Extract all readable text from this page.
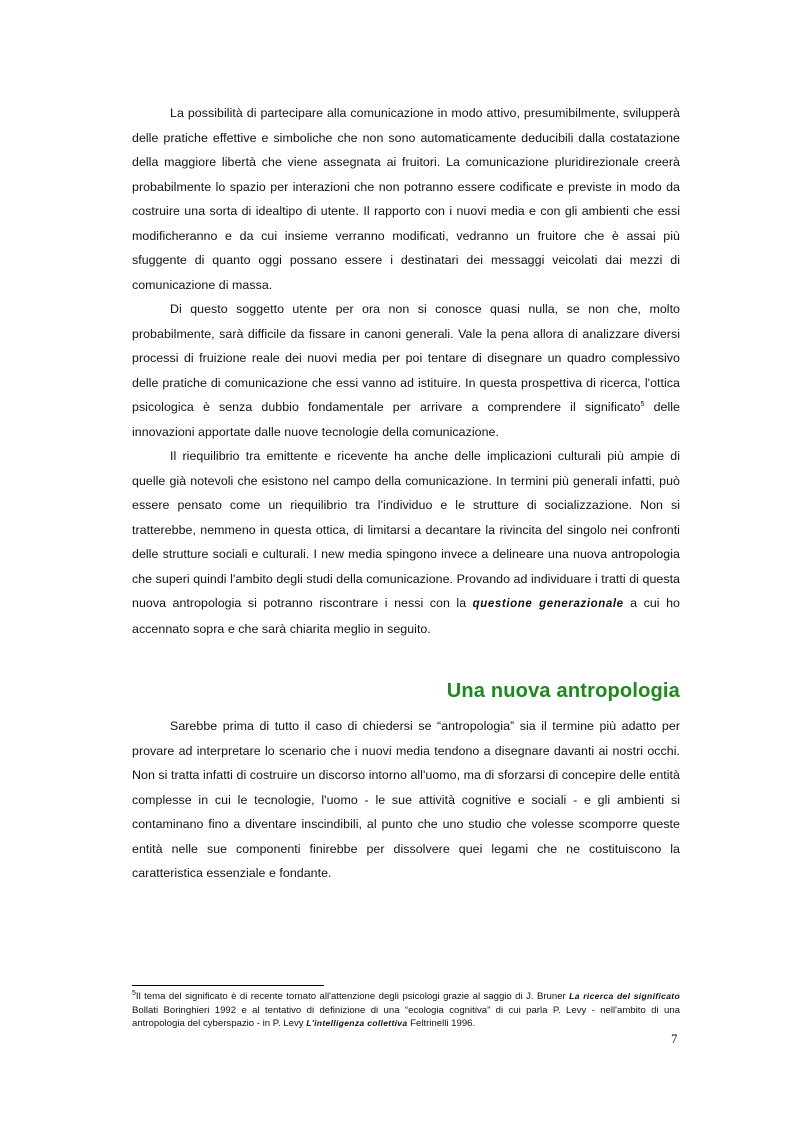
La possibilità di partecipare alla comunicazione in modo attivo, presumibilmente, svilupperà delle pratiche effettive e simboliche che non sono automaticamente deducibili dalla costatazione della maggiore libertà che viene assegnata ai fruitori. La comunicazione pluridirezionale creerà probabilmente lo spazio per interazioni che non potranno essere codificate e previste in modo da costruire una sorta di idealtipo di utente. Il rapporto con i nuovi media e con gli ambienti che essi modificheranno e da cui insieme verranno modificati, vedranno un fruitore che è assai più sfuggente di quanto oggi possano essere i destinatari dei messaggi veicolati dai mezzi di comunicazione di massa.

Di questo soggetto utente per ora non si conosce quasi nulla, se non che, molto probabilmente, sarà difficile da fissare in canoni generali. Vale la pena allora di analizzare diversi processi di fruizione reale dei nuovi media per poi tentare di disegnare un quadro complessivo delle pratiche di comunicazione che essi vanno ad istituire. In questa prospettiva di ricerca, l'ottica psicologica è senza dubbio fondamentale per arrivare a comprendere il significato$^5$ delle innovazioni apportate dalle nuove tecnologie della comunicazione.

Il riequilibrio tra emittente e ricevente ha anche delle implicazioni culturali più ampie di quelle già notevoli che esistono nel campo della comunicazione. In termini più generali infatti, può essere pensato come un riequilibrio tra l'individuo e le strutture di socializzazione. Non si tratterebbe, nemmeno in questa ottica, di limitarsi a decantare la rivincita del singolo nei confronti delle strutture sociali e culturali. I new media spingono invece a delineare una nuova antropologia che superi quindi l'ambito degli studi della comunicazione. Provando ad individuare i tratti di questa nuova antropologia si potranno riscontrare i nessi con la questione generazionale a cui ho accennato sopra e che sarà chiarita meglio in seguito.

Una nuova antropologia

Sarebbe prima di tutto il caso di chiedersi se “antropologia” sia il termine più adatto per provare ad interpretare lo scenario che i nuovi media tendono a disegnare davanti ai nostri occhi. Non si tratta infatti di costruire un discorso intorno all'uomo, ma di sforzarsi di concepire delle entità complesse in cui le tecnologie, l'uomo - le sue attività cognitive e sociali - e gli ambienti si contaminano fino a diventare inscindibili, al punto che uno studio che volesse scomporre queste entità nelle sue componenti finirebbe per dissolvere quei legami che ne costituiscono la caratteristica essenziale e fondante.

$^5$Il tema del significato è di recente tornato all'attenzione degli psicologi grazie al saggio di J. Bruner La ricerca del significato Bollati Boringhieri 1992 e al tentativo di definizione di una “ecologia cognitiva” di cui parla P. Levy - nell'ambito di una antropologia del cyberspazio - in P. Levy L'intelligenza collettiva Feltrinelli 1996.

7
